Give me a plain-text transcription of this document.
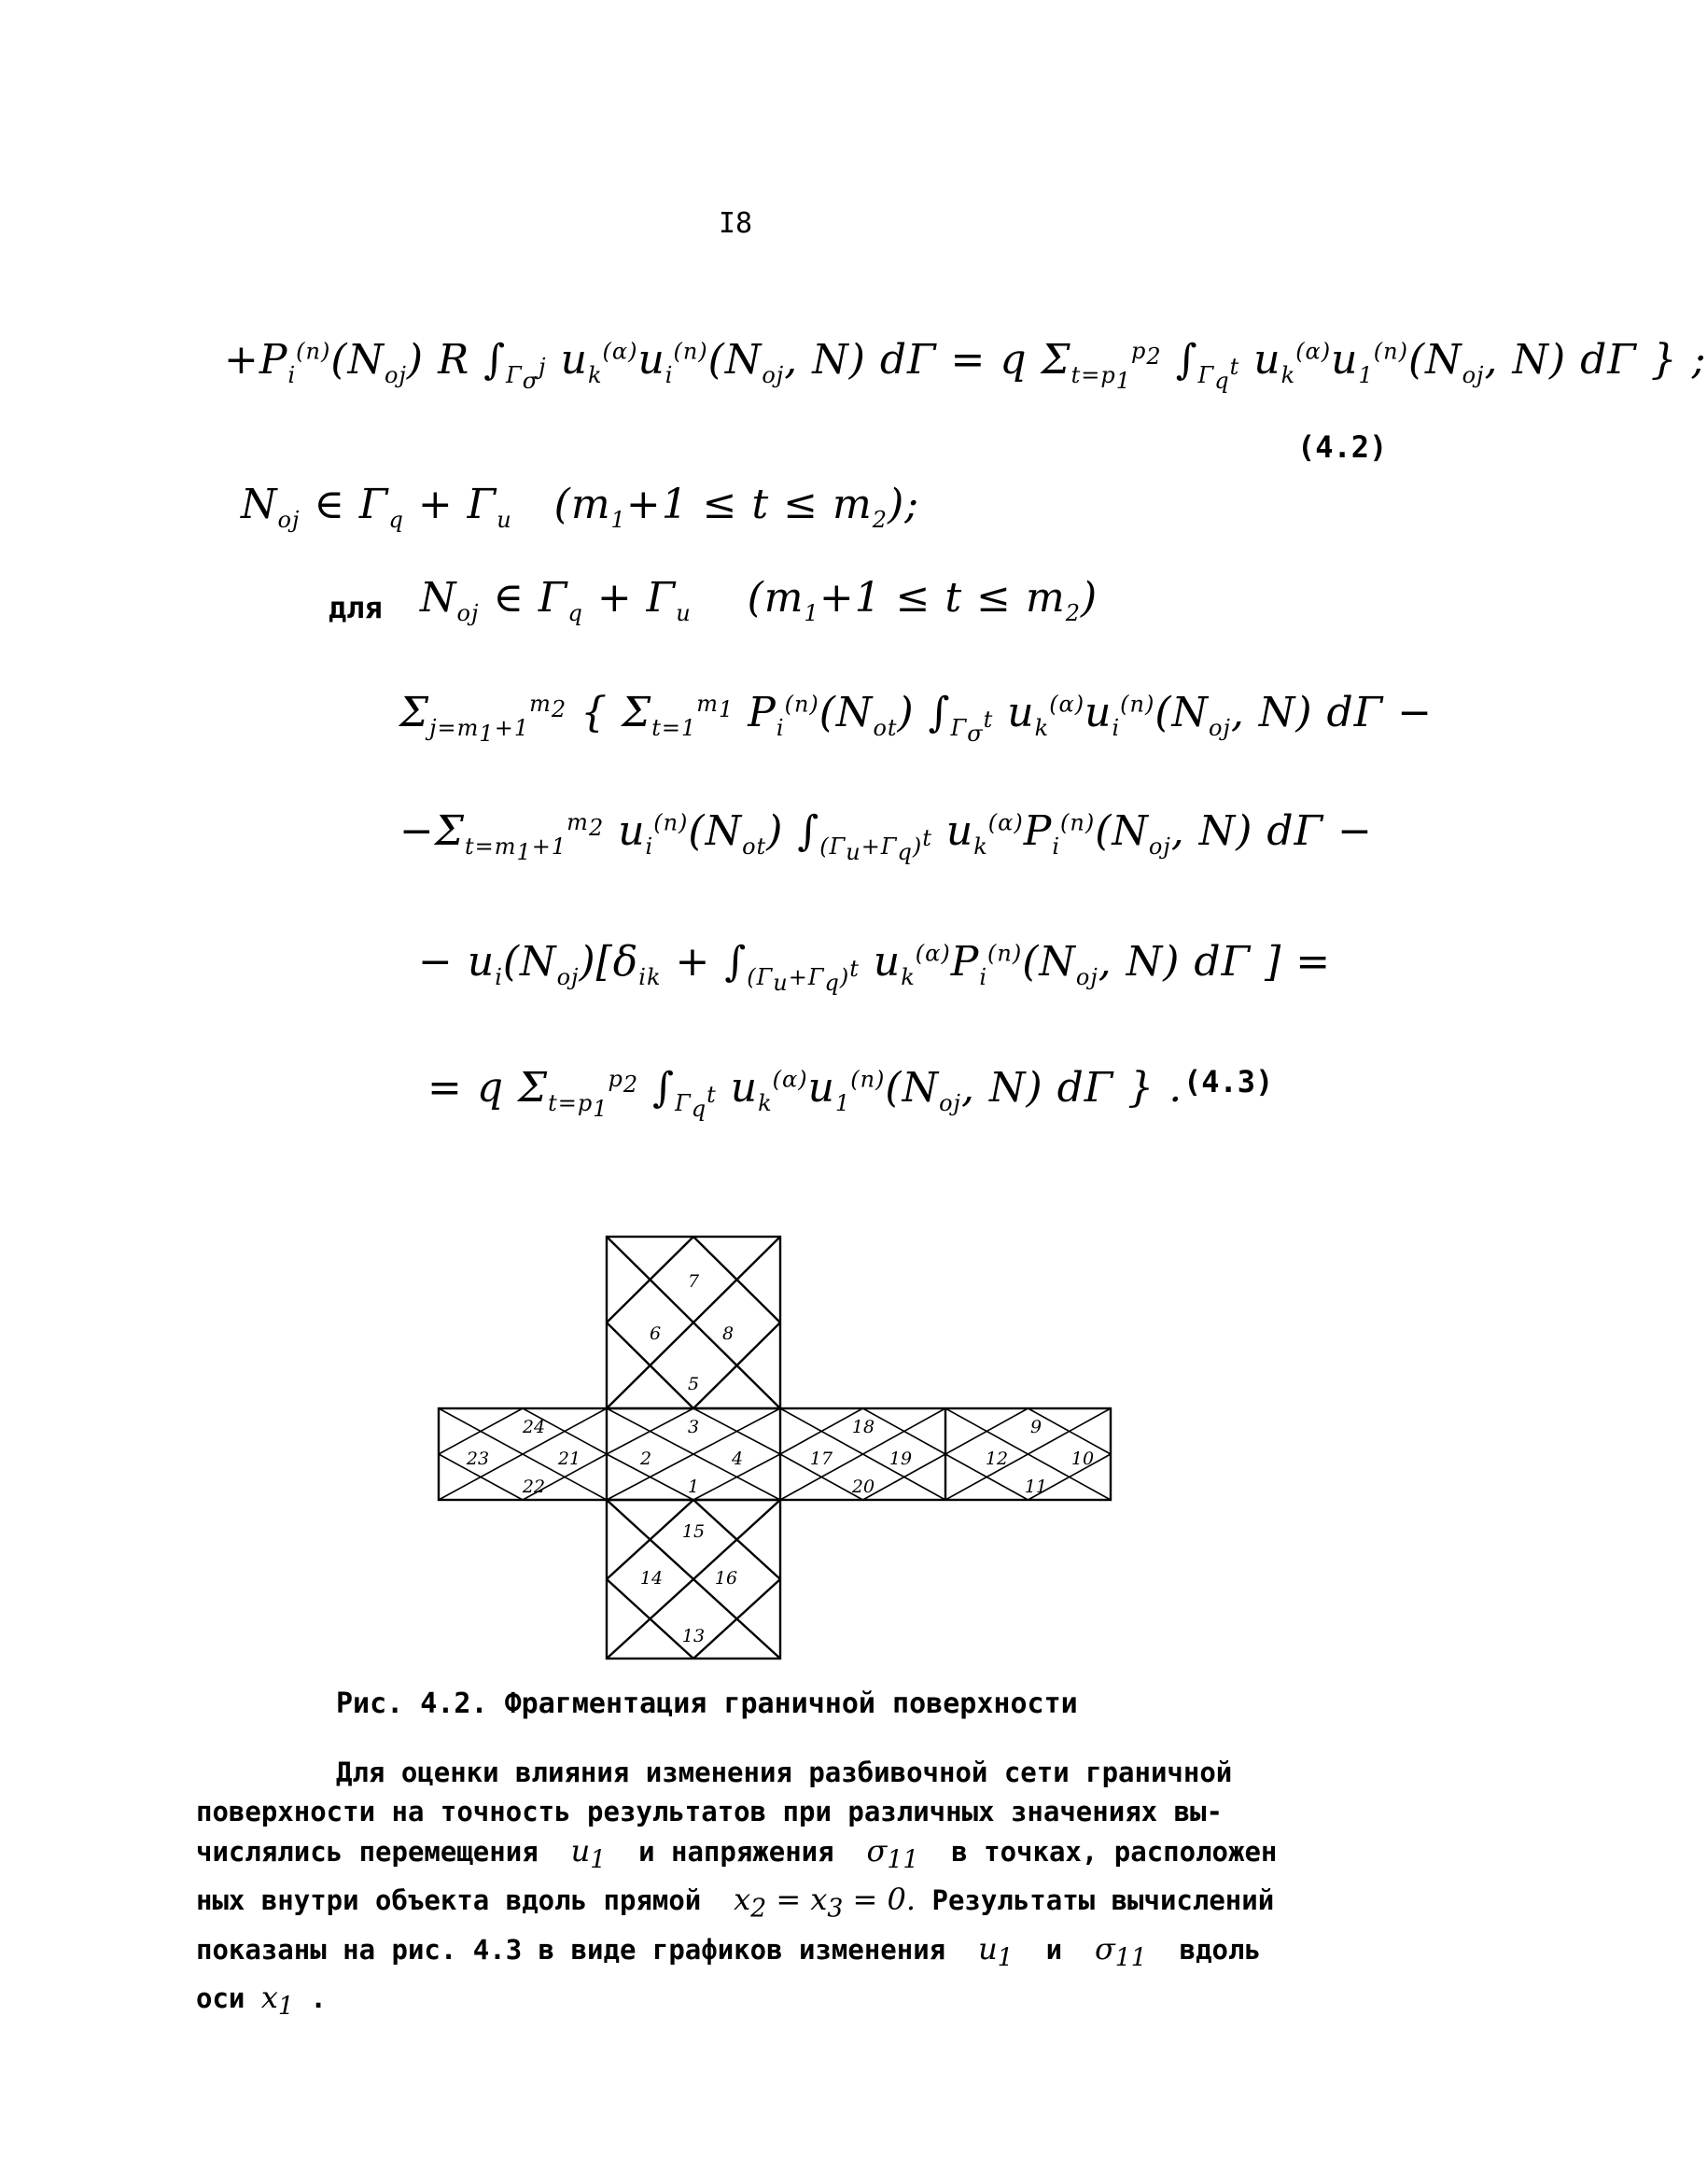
I8
$+P_i^{(n)}(N_{oj})$ R $\int_{\Gamma_\sigma^j}$ $u_k^{(\alpha)}u_i^{(n)}(N_{oj}$, N) dΓ = q $\Sigma_{t=p_1}^{p_2}$ $\int_{\Gamma_q^t}$ $u_k^{(\alpha)}u_1^{(n)}(N_{oj}$, N) dΓ } ;
(4.2)
$N_{oj}$ ∈ $\Gamma_q + \Gamma_u$   $(m_1+1 \le t \le m_2)$;
для $N_{oj}$ ∈ $\Gamma_q + \Gamma_u$    $(m_1+1 \le t \le m_2)$
$\Sigma_{j=m_1+1}^{m_2}$ { $\Sigma_{t=1}^{m_1}$ $P_i^{(n)}(N_{ot})$ $\int_{\Gamma_\sigma^t}$ $u_k^{(\alpha)}u_i^{(n)}(N_{oj}$, N) dΓ −
$-\Sigma_{t=m_1+1}^{m_2}$ $u_i^{(n)}(N_{ot})$ $\int_{(\Gamma_u+\Gamma_q)^t}$ $u_k^{(\alpha)}P_i^{(n)}(N_{oj}$, N) dΓ −
− $u_i(N_{oj})[\delta_{ik} + \int_{(\Gamma_u+\Gamma_q)^t}$ $u_k^{(\alpha)}P_i^{(n)}(N_{oj}$, N) dΓ ] =
= q $\Sigma_{t=p_1}^{p_2}$ $\int_{\Gamma_q^t}$ $u_k^{(\alpha)}u_1^{(n)}(N_{oj}$, N) dΓ } . (4.3)
7
6	8
5
24
23
22
21	2
3
1
4	17
18
20
19	12
9
11
10
15
14	16
13
Рис. 4.2. Фрагментация граничной поверхности
Для оценки влияния изменения разбивочной сети граничной
поверхности на точность результатов при различных значениях вы-
числялись перемещения $u_1$ и напряжения $\sigma_{11}$ в точках, расположен
ных внутри объекта вдоль прямой $x_2 = x_3 = 0$. Результаты вычислений
показаны на рис. 4.3 в виде графиков изменения $u_1$ и $\sigma_{11}$ вдоль
оси $x_1$ .
